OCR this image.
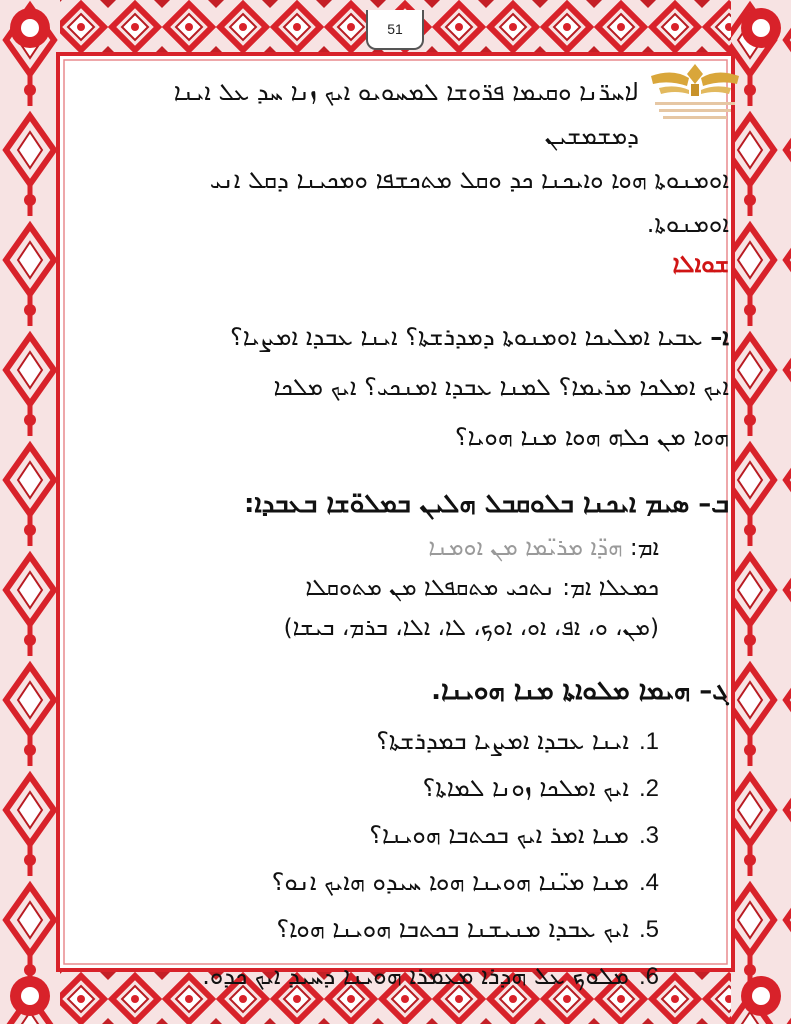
51
لܐܚܪ̈ܢܐ ܘܩܝܡܐ ܦܪ̈ܘܫܐ ܠܡܚܘܝܘ ܐܝܟ ܙܢܐ ܚܕ ܥܠ ܐܝܢܐ ܕܡܫܡܫܝܢ
ܐܘܡܢܘܬܐ ܗܘܐ ܘܐܝܟܢܐ ܟܕ ܘܩܠ ܡܬܟܫܦܐ ܘܡܟܝܢܐ ܕܩܠ ܐܢܝ
ܐܘܡܢܘܬܐ.
ܫܘܐܠܐ
ܐ– ܥܒܝܐ ܐܡܠܝܟܐ ܐܘܡܢܘܬܐ ܕܡܕܪܫܬܐ؟ ܐܝܢܐ ܥܒܕܐ ܐܡܨܝܐ؟
ܐܝܟ ܐܡܠܟܐ ܡܪܝܡܐ؟ ܠܡܢܐ ܥܒܕܐ ܐܡܢܟܝ؟ ܐܝܟ ܡܠܟܐ
ܗܘܐ ܡܢ ܟܠܗ ܗܘܐ ܡܢܐ ܗܘܝܐ؟
ܒ– ܣܝܡ ܐܝܟܢܐ ܒܠܘܩܒܠ ܗܠܝܢ ܒܡܠܘ̈ܫܐ ܒܥܒܕܐ:
ܐܡ: ܗܕ̈ܐ ܡܪܝ̈ܡܐ ܡܢ ܐܘܡܢܐ
ܟܡܥܠܐ ܐܡ: ܢܬܟܝ ܡܬܩܦܠܐ ܡܢ ܡܬܘܩܠܐ
(ܡܢ، ܘ، ܐܦ، ܐܘ، ܐܘܟ، ܠܐ، ܐܠܐ، ܒܪܡ، ܒܝܫܐ)
ܓ– ܗܝܡܐ ܡܠܘܐܬܐ ܡܢܐ ܗܘܝܢܐ.
1.ܐܝܢܐ ܥܒܕܐ ܐܡܨܝܐ ܒܡܕܪܫܬܐ؟
2.ܐܝܟ ܐܡܠܟܐ ܙܘܢܐ ܠܡܐܬܐ؟
3.ܡܢܐ ܐܡܪ ܐܝܟ ܒܟܬܒܐ ܗܘܝܢܐ؟
4.ܡܢܐ ܡܝ̈ܢܐ ܗܘܝܢܐ ܗܘܐ ܚܝܕܘ ܗܐܝܟ ܐܢܘ؟
5.ܐܝܟ ܥܒܕܐ ܡܢܝܫܢܐ ܒܟܬܒܐ ܗܘܝܢܐ ܗܘܐ؟
6.ܡܠܘܟ ܥܠ ܗܕܪܐ ܡܥܡܪܐ ܗܘܝܢܐ ܕܚܝܕ ܐܝܟ ܟܕܘ.
